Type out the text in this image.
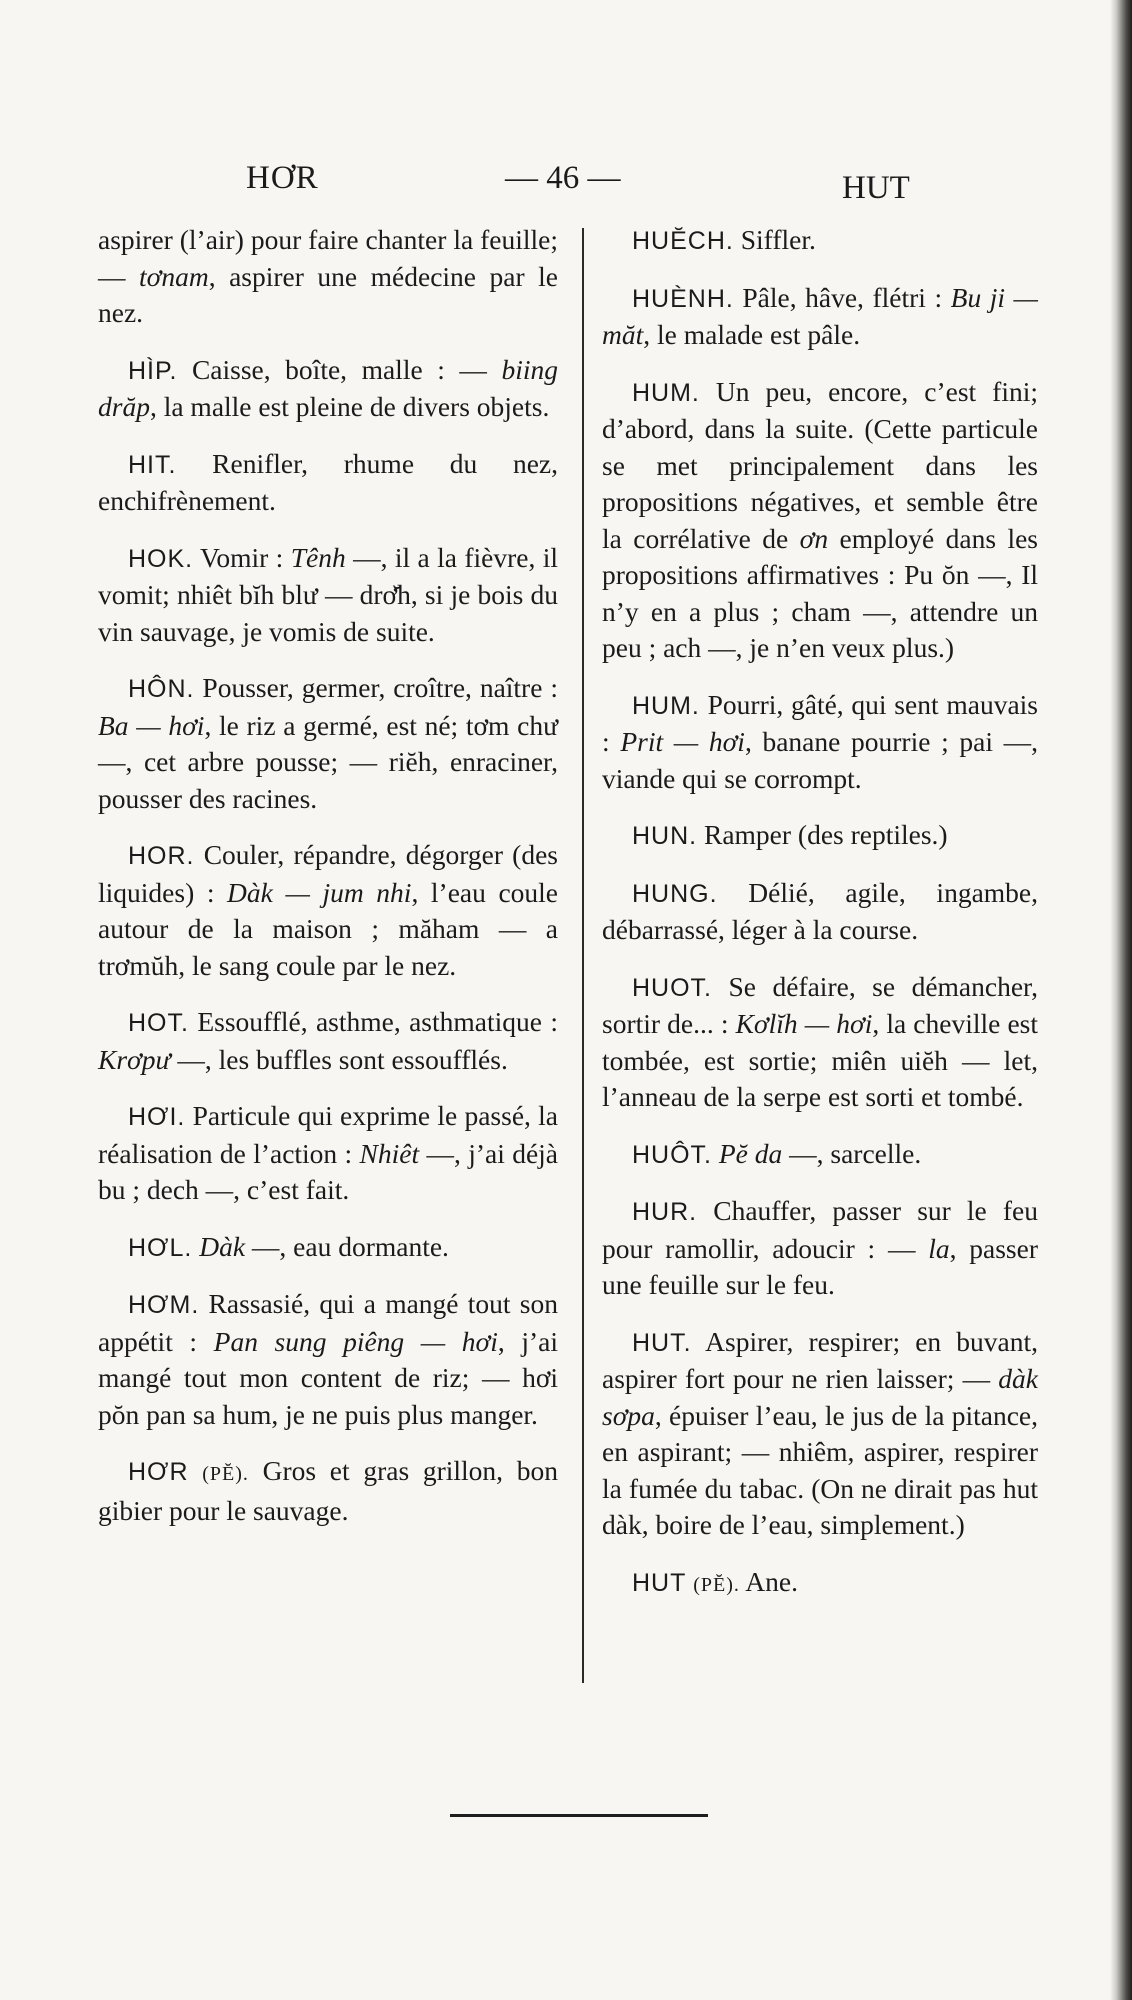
HƠR	— 46 —	HUT

aspirer (l’air) pour faire chanter la feuille; — tơnam, aspirer une médecine par le nez.

HÌP. Caisse, boîte, malle : — biing drăp, la malle est pleine de divers objets.

HIT. Renifler, rhume du nez, enchifrènement.

HOK. Vomir : Tênh —, il a la fièvre, il vomit; nhiêt bĭh blư — drơ̆h, si je bois du vin sauvage, je vomis de suite.

HÔN. Pousser, germer, croître, naître : Ba — hơi, le riz a germé, est né; tơm chư —, cet arbre pousse; — riĕh, enraciner, pousser des racines.

HOR. Couler, répandre, dégorger (des liquides) : Dàk — jum nhi, l’eau coule autour de la maison ; măham — a trơmŭh, le sang coule par le nez.

HOT. Essoufflé, asthme, asthmatique : Krơpư —, les buffles sont essoufflés.

HƠI. Particule qui exprime le passé, la réalisation de l’action : Nhiêt —, j’ai déjà bu ; dech —, c’est fait.

HƠL. Dàk —, eau dormante.

HƠM. Rassasié, qui a mangé tout son appétit : Pan sung piêng — hơi, j’ai mangé tout mon content de riz; — hơi pŏn pan sa hum, je ne puis plus manger.

HƠR (PĔ). Gros et gras grillon, bon gibier pour le sauvage.

HUĔCH. Siffler.

HUÈNH. Pâle, hâve, flétri : Bu ji — măt, le malade est pâle.

HUM. Un peu, encore, c’est fini; d’abord, dans la suite. (Cette particule se met principalement dans les propositions négatives, et semble être la corrélative de ơn employé dans les propositions affirmatives : Pu ŏn —, Il n’y en a plus ; cham —, attendre un peu ; ach —, je n’en veux plus.)

HUM. Pourri, gâté, qui sent mauvais : Prit — hơi, banane pourrie ; pai —, viande qui se corrompt.

HUN. Ramper (des reptiles.)

HUNG. Délié, agile, ingambe, débarrassé, léger à la course.

HUOT. Se défaire, se démancher, sortir de... : Kơlĭh — hơi, la cheville est tombée, est sortie; miên uiĕh — let, l’anneau de la serpe est sorti et tombé.

HUÔT. Pĕ da —, sarcelle.

HUR. Chauffer, passer sur le feu pour ramollir, adoucir : — la, passer une feuille sur le feu.

HUT. Aspirer, respirer; en buvant, aspirer fort pour ne rien laisser; — dàk sơpa, épuiser l’eau, le jus de la pitance, en aspirant; — nhiêm, aspirer, respirer la fumée du tabac. (On ne dirait pas hut dàk, boire de l’eau, simplement.)

HUT (PĔ). Ane.
